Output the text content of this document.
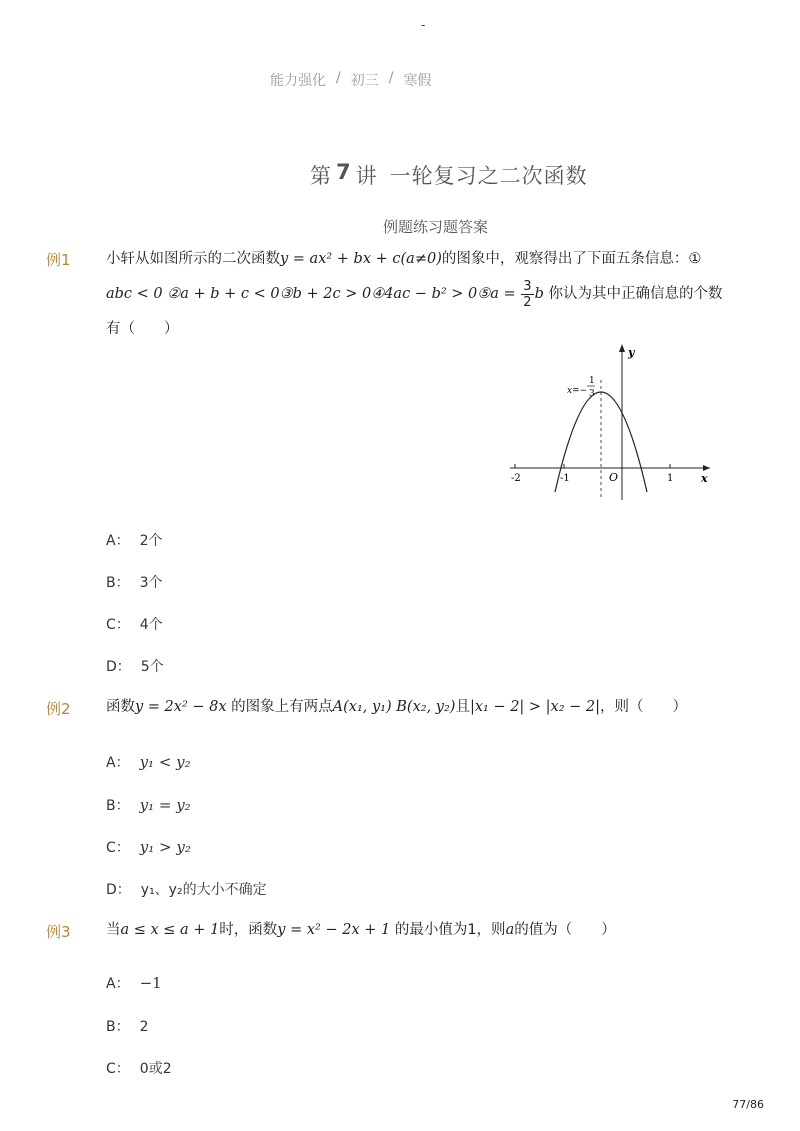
-
能力强化 / 初三 / 寒假
第 7 讲 一轮复习之二次函数
例题练习题答案
例1 小轩从如图所示的二次函数y = ax² + bx + c(a≠0)的图象中，观察得出了下面五条信息：①
abc < 0 ②a + b + c < 0③b + 2c > 0④4ac − b² > 0⑤a = $\frac{3}{2}$ b 你认为其中正确信息的个数
有（　　）
y
x
O
-2	-1	1
x=−
1
3
A： 2个
B： 3个
C： 4个
D： 5个
例2 函数y = 2x² − 8x 的图象上有两点A(x₁, y₁) B(x₂, y₂)且|x₁ − 2| > |x₂ − 2|，则（　　）
A： y₁ < y₂
B： y₁ = y₂
C： y₁ > y₂
D： y₁、y₂的大小不确定
例3 当a ≤ x ≤ a + 1时，函数y = x² − 2x + 1 的最小值为1，则a的值为（　　）
A： −1
B： 2
C： 0或2
77/86
